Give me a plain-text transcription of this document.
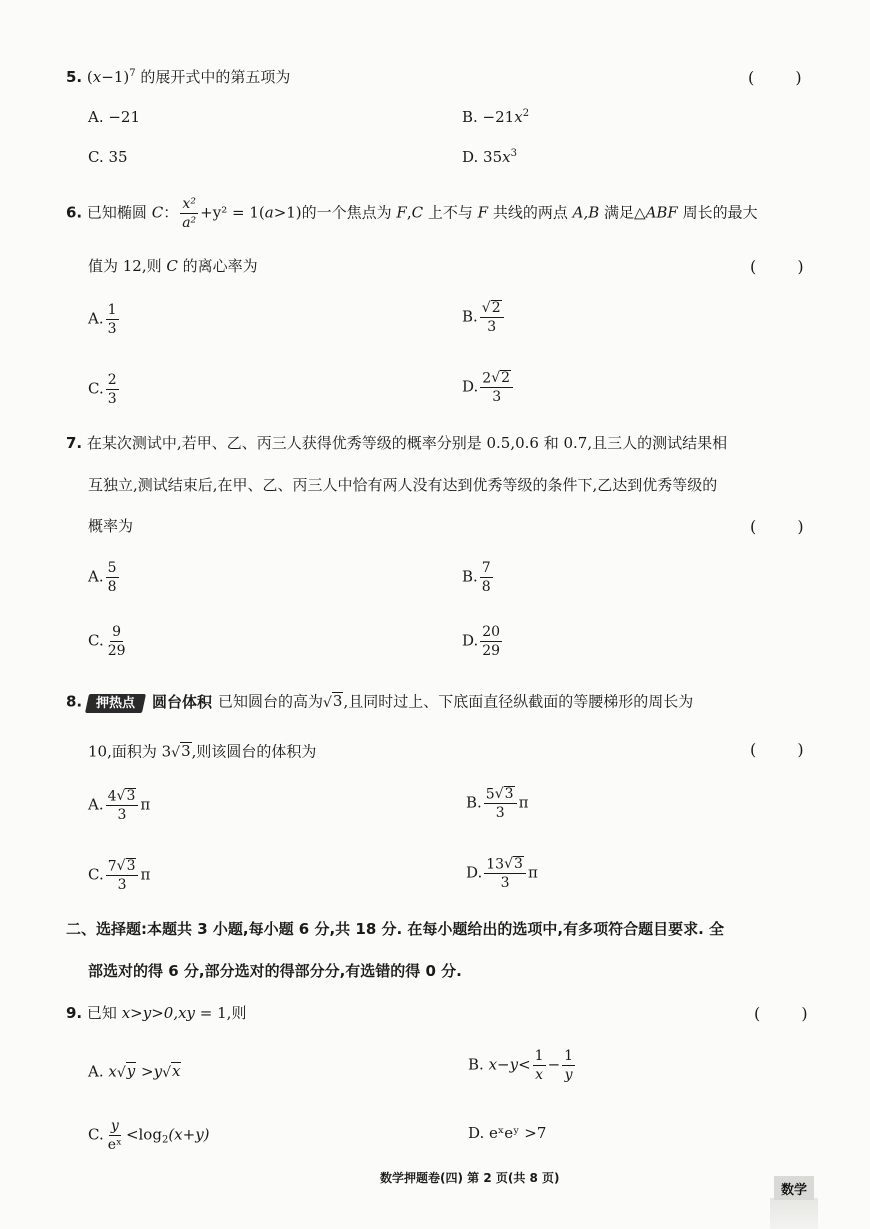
5. $(x-1)^7$ 的展开式中的第五项为	( )
A. −21	B. $-21x^2$
C. 35	D. $35x^3$
6. 已知椭圆 C： $\frac{\text{x²}}{\text{a²}} +y^2 = 1(a>1)$的一个焦点为 F,C 上不与 F 共线的两点 A,B 满足△ABF 周长的最大
值为 12,则 C 的离心率为	( )
A. $\frac{1}{3}$	B. $\frac{√ 2}{3}$
C. $\frac{2}{3}$	D. $\frac{2 √ 2}{3}$
7. 在某次测试中,若甲、乙、丙三人获得优秀等级的概率分别是 0.5,0.6 和 0.7,且三人的测试结果相
互独立,测试结束后,在甲、乙、丙三人中恰有两人没有达到优秀等级的条件下,乙达到优秀等级的
概率为	( )
A. $\frac{5}{8}$	B. $\frac{7}{8}$
C. $\frac{9}{29}$	D. $\frac{20}{29}$
8. 押热点 圆台体积 已知圆台的高为 √ 3 ,且同时过上、下底面直径纵截面的等腰梯形的周长为
10,面积为 3 √ 3 ,则该圆台的体积为	( )
A. $\frac{4 √ 3}{3}$ π	B. $\frac{5 √ 3}{3}$ π
C. $\frac{7 √ 3}{3}$ π	D. $\frac{13 √ 3}{3}$ π
二、选择题:本题共 3 小题,每小题 6 分,共 18 分. 在每小题给出的选项中,有多项符合题目要求. 全
部选对的得 6 分,部分选对的得部分分,有选错的得 0 分.
9. 已知 x>y>0,xy = 1,则	( )
A. x √ y >y √ x	B. $x-y< \frac{1}{x} - \frac{1}{y}$
C. $\frac{y}{\text{eˣ}} <\log_2(x+y)$	D. eˣeʸ >7
数学押题卷(四) 第 2 页(共 8 页)
数学
